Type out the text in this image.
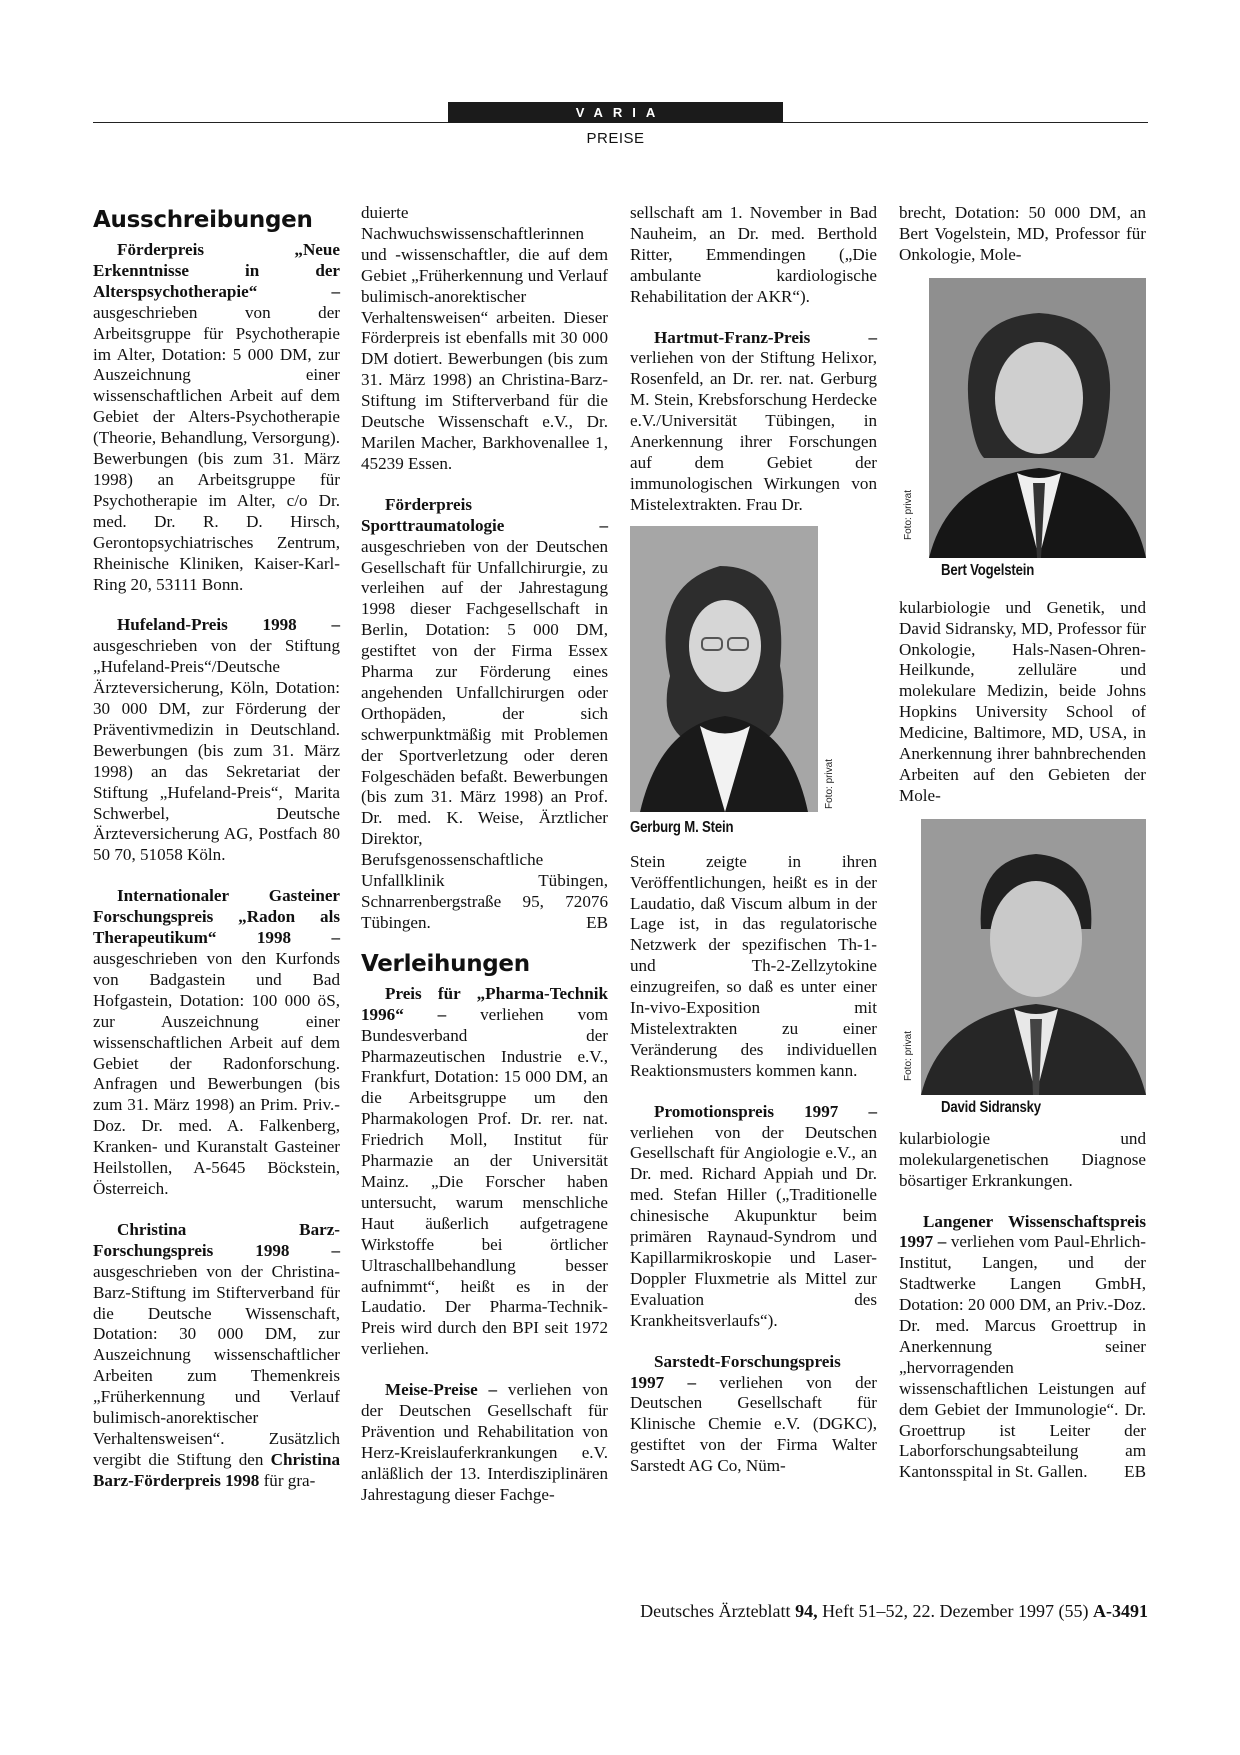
VARIA
PREISE
Ausschreibungen

Förderpreis „Neue Erkenntnisse in der Alterspsychotherapie“ – ausgeschrieben von der Arbeitsgruppe für Psychotherapie im Alter, Dotation: 5 000 DM, zur Auszeichnung einer wissenschaftlichen Arbeit auf dem Gebiet der Alters-Psychotherapie (Theorie, Behandlung, Versorgung). Bewerbungen (bis zum 31. März 1998) an Arbeitsgruppe für Psychotherapie im Alter, c/o Dr. med. Dr. R. D. Hirsch, Gerontopsychiatrisches Zentrum, Rheinische Kliniken, Kaiser-Karl-Ring 20, 53111 Bonn.

Hufeland-Preis 1998 – ausgeschrieben von der Stiftung „Hufeland-Preis“/Deutsche Ärzteversicherung, Köln, Dotation: 30 000 DM, zur Förderung der Präventivmedizin in Deutschland. Bewerbungen (bis zum 31. März 1998) an das Sekretariat der Stiftung „Hufeland-Preis“, Marita Schwerbel, Deutsche Ärzteversicherung AG, Postfach 80 50 70, 51058 Köln.

Internationaler Gasteiner Forschungspreis „Radon als Therapeutikum“ 1998 – ausgeschrieben von den Kurfonds von Badgastein und Bad Hofgastein, Dotation: 100 000 öS, zur Auszeichnung einer wissenschaftlichen Arbeit auf dem Gebiet der Radonforschung. Anfragen und Bewerbungen (bis zum 31. März 1998) an Prim. Priv.-Doz. Dr. med. A. Falkenberg, Kranken- und Kuranstalt Gasteiner Heilstollen, A-5645 Böckstein, Österreich.

Christina Barz-Forschungspreis 1998 – ausgeschrieben von der Christina-Barz-Stiftung im Stifterverband für die Deutsche Wissenschaft, Dotation: 30 000 DM, zur Auszeichnung wissenschaftlicher Arbeiten zum Themenkreis „Früherkennung und Verlauf bulimisch-anorektischer Verhaltensweisen“. Zusätzlich vergibt die Stiftung den Christina Barz-Förderpreis 1998 für gra-

duierte Nachwuchswissenschaftlerinnen und -wissenschaftler, die auf dem Gebiet „Früherkennung und Verlauf bulimisch-anorektischer Verhaltensweisen“ arbeiten. Dieser Förderpreis ist ebenfalls mit 30 000 DM dotiert. Bewerbungen (bis zum 31. März 1998) an Christina-Barz-Stiftung im Stifterverband für die Deutsche Wissenschaft e.V., Dr. Marilen Macher, Barkhovenallee 1, 45239 Essen.

Förderpreis Sporttraumatologie – ausgeschrieben von der Deutschen Gesellschaft für Unfallchirurgie, zu verleihen auf der Jahrestagung 1998 dieser Fachgesellschaft in Berlin, Dotation: 5 000 DM, gestiftet von der Firma Essex Pharma zur Förderung eines angehenden Unfallchirurgen oder Orthopäden, der sich schwerpunktmäßig mit Problemen der Sportverletzung oder deren Folgeschäden befaßt. Bewerbungen (bis zum 31. März 1998) an Prof. Dr. med. K. Weise, Ärztlicher Direktor, Berufsgenossenschaftliche Unfallklinik Tübingen, Schnarrenbergstraße 95, 72076 Tübingen.	EB

Verleihungen

Preis für „Pharma-Technik 1996“ – verliehen vom Bundesverband der Pharmazeutischen Industrie e.V., Frankfurt, Dotation: 15 000 DM, an die Arbeitsgruppe um den Pharmakologen Prof. Dr. rer. nat. Friedrich Moll, Institut für Pharmazie an der Universität Mainz. „Die Forscher haben untersucht, warum menschliche Haut äußerlich aufgetragene Wirkstoffe bei örtlicher Ultraschallbehandlung besser aufnimmt“, heißt es in der Laudatio. Der Pharma-Technik-Preis wird durch den BPI seit 1972 verliehen.

Meise-Preise – verliehen von der Deutschen Gesellschaft für Prävention und Rehabilitation von Herz-Kreislauferkrankungen e.V. anläßlich der 13. Interdisziplinären Jahrestagung dieser Fachge-

sellschaft am 1. November in Bad Nauheim, an Dr. med. Berthold Ritter, Emmendingen („Die ambulante kardiologische Rehabilitation der AKR“).

Hartmut-Franz-Preis – verliehen von der Stiftung Helixor, Rosenfeld, an Dr. rer. nat. Gerburg M. Stein, Krebsforschung Herdecke e.V./Universität Tübingen, in Anerkennung ihrer Forschungen auf dem Gebiet der immunologischen Wirkungen von Mistelextrakten. Frau Dr.

Foto: privat
Gerburg M. Stein

Stein zeigte in ihren Veröffentlichungen, heißt es in der Laudatio, daß Viscum album in der Lage ist, in das regulatorische Netzwerk der spezifischen Th-1- und Th-2-Zellzytokine einzugreifen, so daß es unter einer In-vivo-Exposition mit Mistelextrakten zu einer Veränderung des individuellen Reaktionsmusters kommen kann.

Promotionspreis 1997 – verliehen von der Deutschen Gesellschaft für Angiologie e.V., an Dr. med. Richard Appiah und Dr. med. Stefan Hiller („Traditionelle chinesische Akupunktur beim primären Raynaud-Syndrom und Kapillarmikroskopie und Laser-Doppler Fluxmetrie als Mittel zur Evaluation des Krankheitsverlaufs“).

Sarstedt-Forschungspreis 1997 – verliehen von der Deutschen Gesellschaft für Klinische Chemie e.V. (DGKC), gestiftet von der Firma Walter Sarstedt AG Co, Nüm-

brecht, Dotation: 50 000 DM, an Bert Vogelstein, MD, Professor für Onkologie, Mole-

Foto: privat
Bert Vogelstein

kularbiologie und Genetik, und David Sidransky, MD, Professor für Onkologie, Hals-Nasen-Ohren-Heilkunde, zelluläre und molekulare Medizin, beide Johns Hopkins University School of Medicine, Baltimore, MD, USA, in Anerkennung ihrer bahnbrechenden Arbeiten auf den Gebieten der Mole-

Foto: privat
David Sidransky

kularbiologie und molekulargenetischen Diagnose bösartiger Erkrankungen.

Langener Wissenschaftspreis 1997 – verliehen vom Paul-Ehrlich-Institut, Langen, und der Stadtwerke Langen GmbH, Dotation: 20 000 DM, an Priv.-Doz. Dr. med. Marcus Groettrup in Anerkennung seiner „hervorragenden wissenschaftlichen Leistungen auf dem Gebiet der Immunologie“. Dr. Groettrup ist Leiter der Laborforschungsabteilung am Kantonsspital in St. Gallen.	EB

Deutsches Ärzteblatt 94, Heft 51–52, 22. Dezember 1997 (55) A-3491
